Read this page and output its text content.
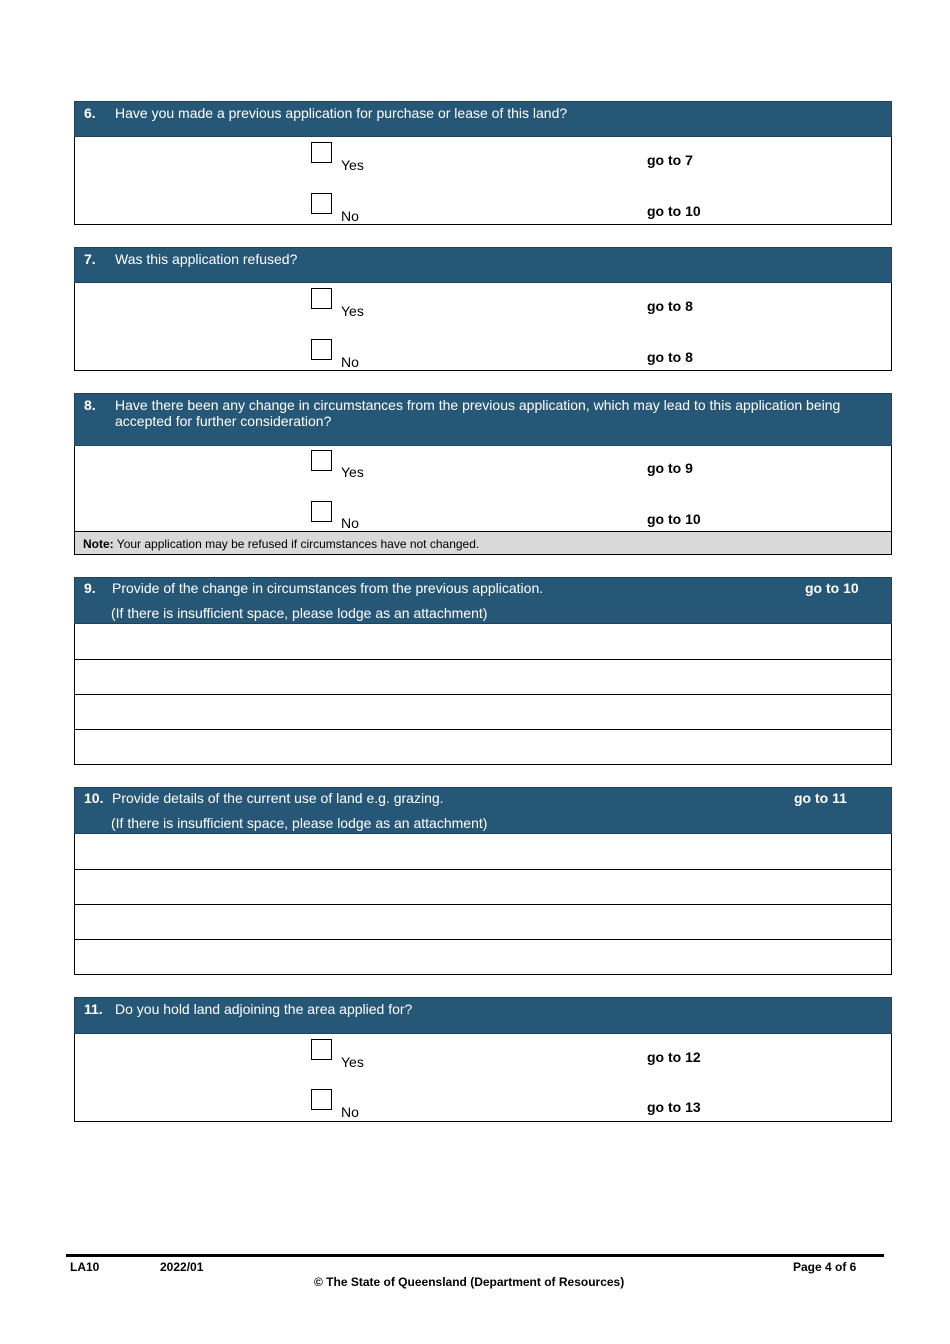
6. Have you made a previous application for purchase or lease of this land?
Yes	go to 7
No	go to 10
7. Was this application refused?
Yes	go to 8
No	go to 8
8. Have there been any change in circumstances from the previous application, which may lead to this application being accepted for further consideration?
Yes	go to 9
No	go to 10
Note: Your application may be refused if circumstances have not changed.
9. Provide of the change in circumstances from the previous application.	go to 10
(If there is insufficient space, please lodge as an attachment)
10. Provide details of the current use of land e.g. grazing.	go to 11
(If there is insufficient space, please lodge as an attachment)
11. Do you hold land adjoining the area applied for?
Yes	go to 12
No	go to 13
LA10	2022/01	Page 4 of 6
© The State of Queensland (Department of Resources)
